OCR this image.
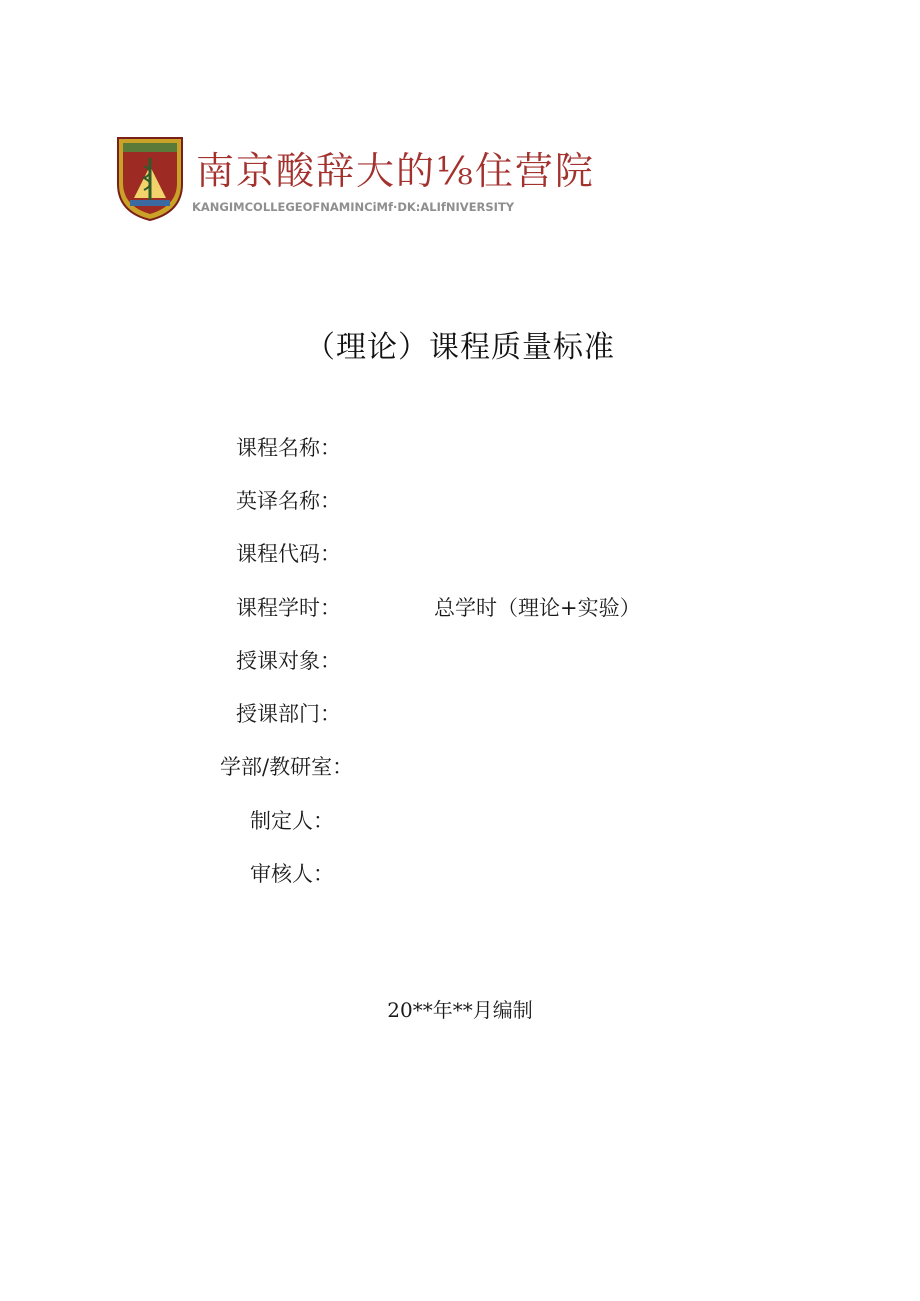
南京酸辞大的⅛住营院
KANGIMCOLLEGEOFNAMINCiMf·DK:ALIfNIVERSITY
（理论）课程质量标准
课程名称：
英译名称：
课程代码：
课程学时：	总学时（理论+实验）
授课对象：
授课部门：
学部/教研室：
制定人：
审核人：
20**年**月编制
